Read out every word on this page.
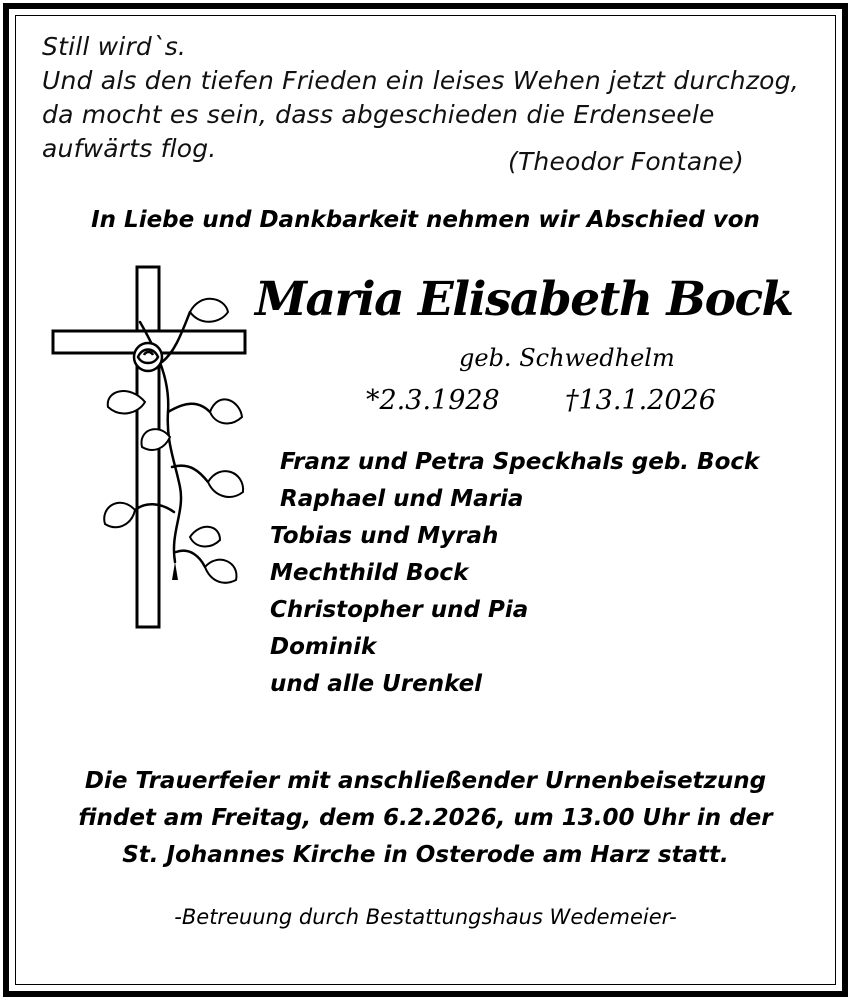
Still wird`s.
Und als den tiefen Frieden ein leises Wehen jetzt durchzog,
da mocht es sein, dass abgeschieden die Erdenseele
aufwärts flog.	(Theodor Fontane)
In Liebe und Dankbarkeit nehmen wir Abschied von
Maria Elisabeth Bock
geb. Schwedhelm
*2.3.1928 †13.1.2026
Franz und Petra Speckhals geb. Bock
Raphael und Maria
Tobias und Myrah
Mechthild Bock
Christopher und Pia
Dominik
und alle Urenkel
Die Trauerfeier mit anschließender Urnenbeisetzung
findet am Freitag, dem 6.2.2026, um 13.00 Uhr in der
St. Johannes Kirche in Osterode am Harz statt.
-Betreuung durch Bestattungshaus Wedemeier-
